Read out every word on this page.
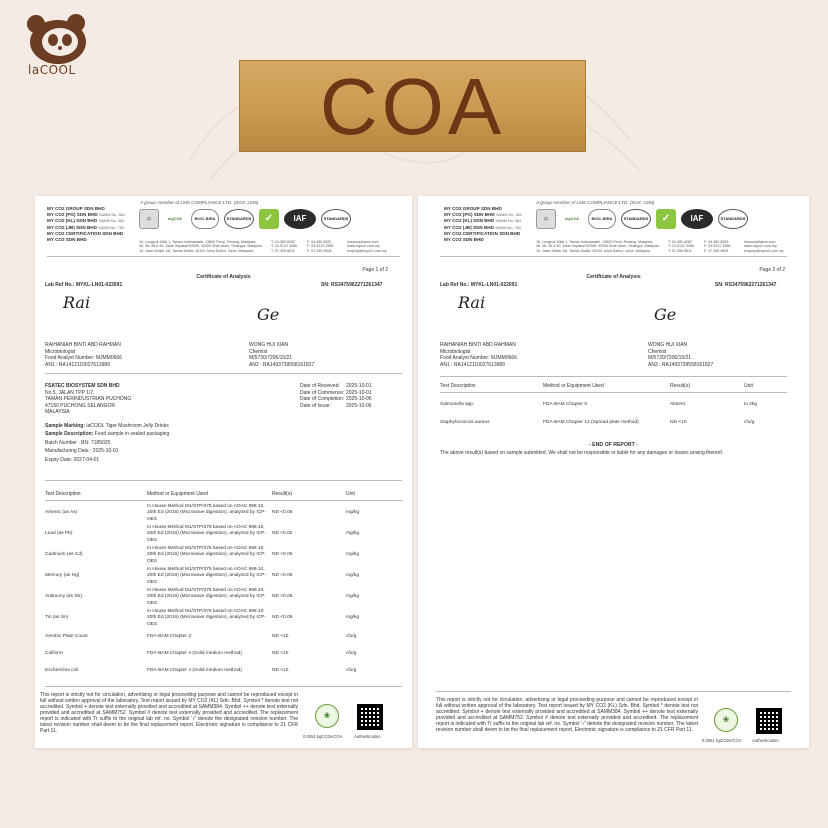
laCOOL	COA
A group member of LMS COMPLIANCE LTD. (SGX: LMS)
MY CO2 GROUP SDN BHD
MY CO2 (PG) SDN BHD SAMM No. 384
MY CO2 (KL) SDN BHD SAMM No. 384
MY CO2 (JB) SDN BHD SAMM No. 752
MY CO2 CERTIFICATION SDN BHD
MY CO2 SDN BHD
⬡	myCO2	BIOC-BIRA	STANDARDS	✓	IAF	STANDARDS
16, Lengkok Kikik 1, Taman Inderawasih, 13600 Perai, Penang, Malaysia.
46, 46, 48 & 50, Jalan Sepakat B25/B, 40300 Shah Alam, Selangor, Malaysia.
15, Jalan Molek 1/8, Taman Molek, 81100 Johor Bahru, Johor, Malaysia.
T: 04-380 8282
T: 03-5122 3366
T: 07-355 8611
F: 04-380 8283
F: 03-5122 3388
F: 07-355 9808
lmscompliance.com
www.myco2.com.my
enquiry@myco2.com.my
Page 1 of 2
Certificate of Analysis
Lab Ref No.: MYKL-LN01-022691	SN: RS3475962271261347
Rai
Ge
RAIHANIAH BINTI ABD RAHMAN
Microbiologist
Food Analyst Number: MJMM0666
AN1 : RA1412110027613989
WONG HUI XIAN
Chemist
M/5730/7206/15/21
AN2 : RA1493739558161827
FSATEC BIOSYSTEM SDN BHD
No.5, JALAN TPP 1/7,
TAMAN PERINDUSTRIAN PUCHONG
47150 PUCHONG SELANGOR
MALAYSIA
Date of Received: 2025-10-01
Date of Commence: 2025-10-01
Date of Completion: 2025-10-06
Date of Issue:	2025-10-06
Sample Marking: laCOOL Tiger Mushroom Jelly Drinks
Sample Description: Food sample in sealed packaging
Batch Number : BN: 7185025
Manufacturing Date : 2025-10-01
Expiry Date: 2027-04-01
Test Description	Method or Equipment Used	Result(s)	Unit
Arsenic (as As)	In House Method M1/STP/375 based on AOAC 999.10, 20th Ed (2016) (Microwave digestion), analyzed by ICP-OES	ND <0.05	mg/kg
Lead (as Pb)	In House Method M1/STP/375 based on AOAC 999.10, 20th Ed (2016) (Microwave digestion), analyzed by ICP-OES	ND <0.02	mg/kg
Cadmium (as Cd)	In House Method M1/STP/375 based on AOAC 999.10, 20th Ed (2016) (Microwave digestion), analyzed by ICP-OES	ND <0.05	mg/kg
Mercury (as Hg)	In House Method M1/STP/375 based on AOAC 999.10, 20th Ed (2016) (Microwave digestion), analyzed by ICP-OES	ND <0.05	mg/kg
Antimony (as Sb)	In House Method M1/STP/375 based on AOAC 999.10, 20th Ed (2016) (Microwave digestion), analyzed by ICP-OES	ND <0.05	mg/kg
Tin (as Sn)	In House Method M1/STP/375 based on AOAC 999.10, 20th Ed (2016) (Microwave digestion), analyzed by ICP-OES	ND <0.05	mg/kg
Aerobic Plate Count	FDA-BAM Chapter 3	ND <10	cfu/g
Coliform	FDA-BAM Chapter 4 (Solid medium method)	ND <10	cfu/g
Escherichia coli	FDA-BAM Chapter 4 (Solid medium method)	ND <10	cfu/g
This report is strictly not for circulation, advertising or legal proceeding purpose and cannot be reproduced except in full without written approval of the laboratory. Test report issued by MY CO2 (KL) Sdn. Bhd. Symbol * denote test not accredited. Symbol + denote test externally provided and accredited at SAMM384. Symbol ++ denote test externally provided and accredited at SAMM752. Symbol # denote test externally provided and accredited. The replacement report is indicated with Tr suffix to the original lab ref. no. Symbol '√' denote the designated revision number. The latest revision number shall deem to be the final replacement report. Electronic signature is compliance to 21 CFR Part 11.
❀
0.0051 kgCO2e/COA	Authentication
A group member of LMS COMPLIANCE LTD. (SGX: LMS)
MY CO2 GROUP SDN BHD
MY CO2 (PG) SDN BHD SAMM No. 384
MY CO2 (KL) SDN BHD SAMM No. 384
MY CO2 (JB) SDN BHD SAMM No. 752
MY CO2 CERTIFICATION SDN BHD
MY CO2 SDN BHD
⬡	myCO2	BIOC-BIRA	STANDARDS	✓	IAF	STANDARDS
16, Lengkok Kikik 1, Taman Inderawasih, 13600 Perai, Penang, Malaysia.
46, 46, 48 & 50, Jalan Sepakat B25/B, 40300 Shah Alam, Selangor, Malaysia.
15, Jalan Molek 1/8, Taman Molek, 81100 Johor Bahru, Johor, Malaysia.
T: 04-380 8282
T: 03-5122 3366
T: 07-355 8611
F: 04-380 8283
F: 03-5122 3388
F: 07-355 9808
lmscompliance.com
www.myco2.com.my
enquiry@myco2.com.my
Page 2 of 2
Certificate of Analysis
Lab Ref No.: MYKL-LN01-022691	SN: RS3475962271261347
Rai
Ge
RAIHANIAH BINTI ABD RAHMAN
Microbiologist
Food Analyst Number: MJMM0666
AN1 : RA1412110027613989
WONG HUI XIAN
Chemist
M/5730/7206/15/21
AN2 : RA1493739558161827
Test Description	Method or Equipment Used	Result(s)	Unit
Salmonella spp.	FDA-BAM Chapter 5	Absent	in 25g
Staphylococcus aureus	FDA-BAM Chapter 12 (Spread plate method)	ND <10	cfu/g
- END OF REPORT -
The above result(s) based on sample submitted. We shall not be responsible or liable for any damages or losses arising thereof.
This report is strictly not for circulation, advertising or legal proceeding purpose and cannot be reproduced except in full without written approval of the laboratory. Test report issued by MY CO2 (KL) Sdn. Bhd. Symbol * denote test not accredited. Symbol + denote test externally provided and accredited at SAMM384. Symbol ++ denote test externally provided and accredited at SAMM752. Symbol # denote test externally provided and accredited. The replacement report is indicated with Tr suffix to the original lab ref. no. Symbol '√' denote the designated revision number. The latest revision number shall deem to be the final replacement report. Electronic signature is compliance to 21 CFR Part 11.
❀
0.0051 kgCO2e/COA Authentication
